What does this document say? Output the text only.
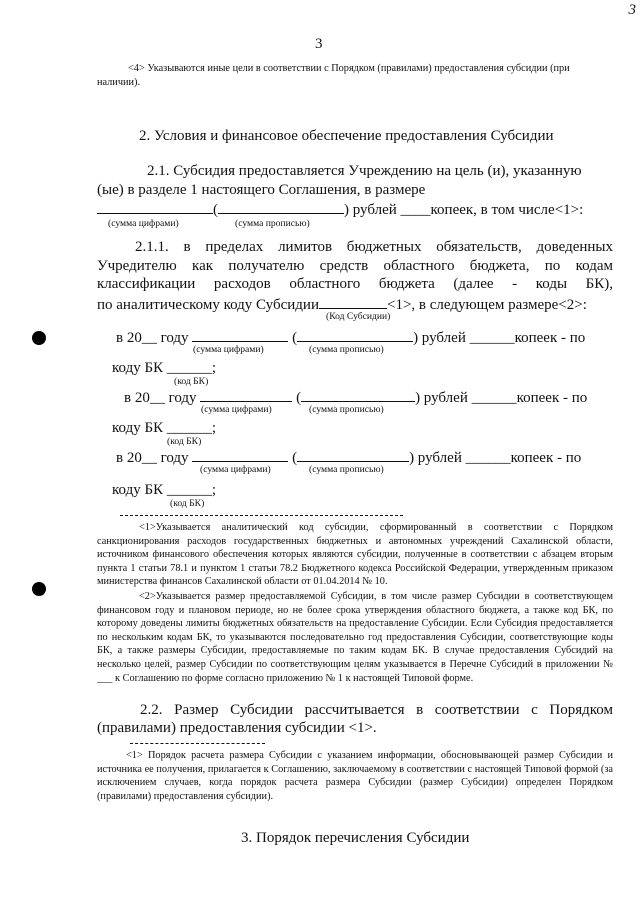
3
3
<4> Указываются иные цели в соответствии с Порядком (правилами) предоставления субсидии (при
наличии).
2. Условия и финансовое обеспечение предоставления Субсидии
2.1. Субсидия предоставляется Учреждению на цель (и), указанную
(ые) в разделе 1 настоящего Соглашения, в размере
(	) рублей ____копеек, в том числе<1>:
(сумма цифрами)	(сумма прописью)
2.1.1. в пределах лимитов бюджетных обязательств, доведенных
Учредителю как получателю средств областного бюджета, по кодам
классификации расходов областного бюджета (далее - коды БК),
по аналитическому коду Субсидии	<1>, в следующем размере<2>:
(Код Субсидии)
в 20__ году	(	) рублей ______копеек - по
(сумма цифрами)	(сумма прописью)
коду БК ______;
(код БК)
в 20__ году	(	) рублей ______копеек - по
(сумма цифрами)	(сумма прописью)
коду БК ______;
(код БК)
в 20__ году	(	) рублей ______копеек - по
(сумма цифрами)	(сумма прописью)
коду БК ______;
(код БК)
<1>Указывается аналитический код субсидии, сформированный в соответствии с Порядком санкционирования расходов государственных бюджетных и автономных учреждений Сахалинской области, источником финансового обеспечения которых являются субсидии, полученные в соответствии с абзацем вторым пункта 1 статьи 78.1 и пунктом 1 статьи 78.2 Бюджетного кодекса Российской Федерации, утвержденным приказом министерства финансов Сахалинской области от 01.04.2014 № 10.
<2>Указывается размер предоставляемой Субсидии, в том числе размер Субсидии в соответствующем финансовом году и плановом периоде, но не более срока утверждения областного бюджета, а также код БК, по которому доведены лимиты бюджетных обязательств на предоставление Субсидии. Если Субсидия предоставляется по нескольким кодам БК, то указываются последовательно год предоставления Субсидии, соответствующие коды БК, а также размеры Субсидии, предоставляемые по таким кодам БК. В случае предоставления Субсидий на несколько целей, размер Субсидии по соответствующим целям указывается в Перечне Субсидий в приложении № ___ к Соглашению по форме согласно приложению № 1 к настоящей Типовой форме.
2.2. Размер Субсидии рассчитывается в соответствии с Порядком
(правилами) предоставления субсидии <1>.
<1> Порядок расчета размера Субсидии с указанием информации, обосновывающей размер Субсидии и источника ее получения, прилагается к Соглашению, заключаемому в соответствии с настоящей Типовой формой (за исключением случаев, когда порядок расчета размера Субсидии (размер Субсидии) определен Порядком (правилами) предоставления субсидии).
3. Порядок перечисления Субсидии
